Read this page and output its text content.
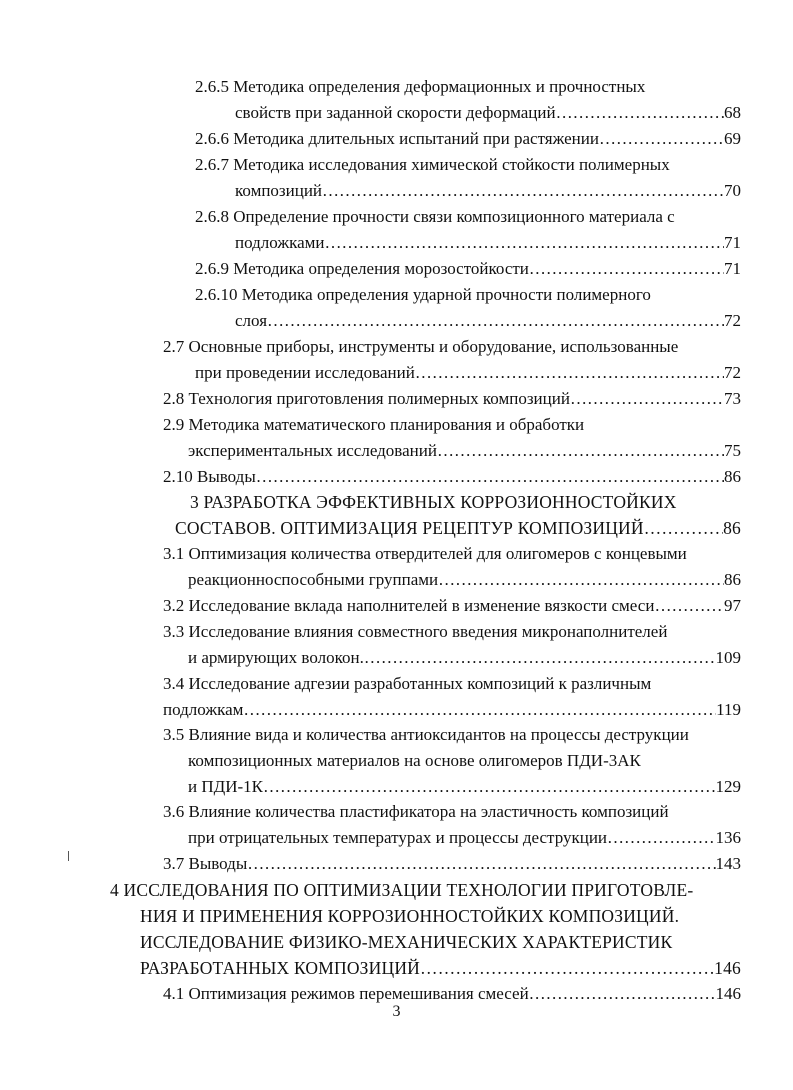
2.6.5 Методика определения деформационных и прочностных
свойств при заданной скорости деформаций ……………………………………………………………………………………………………………………………………………………………………	68
2.6.6 Методика длительных испытаний при растяжении ……………………………………………………………………………………………………………………………………………………………………	69
2.6.7 Методика исследования химической стойкости полимерных
композиций ……………………………………………………………………………………………………………………………………………………………………	70
2.6.8 Определение прочности связи композиционного материала с
подложками ……………………………………………………………………………………………………………………………………………………………………	71
2.6.9 Методика определения морозостойкости ……………………………………………………………………………………………………………………………………………………………………	71
2.6.10 Методика определения ударной прочности полимерного
слоя ……………………………………………………………………………………………………………………………………………………………………	72
2.7 Основные приборы, инструменты и оборудование, использованные
при проведении исследований ……………………………………………………………………………………………………………………………………………………………………	72
2.8 Технология приготовления полимерных композиций ……………………………………………………………………………………………………………………………………………………………………	73
2.9 Методика математического планирования и обработки
экспериментальных исследований ……………………………………………………………………………………………………………………………………………………………………	75
2.10 Выводы ……………………………………………………………………………………………………………………………………………………………………	86
3 РАЗРАБОТКА ЭФФЕКТИВНЫХ КОРРОЗИОННОСТОЙКИХ
СОСТАВОВ. ОПТИМИЗАЦИЯ РЕЦЕПТУР КОМПОЗИЦИЙ ……………………………………………………………………………………………………………………………………………………………………	86
3.1 Оптимизация количества отвердителей для олигомеров с концевыми
реакционноспособными группами ……………………………………………………………………………………………………………………………………………………………………	86
3.2 Исследование вклада наполнителей в изменение вязкости смеси ……………………………………………………………………………………………………………………………………………………………………	97
3.3 Исследование влияния совместного введения микронаполнителей
и армирующих волокон. ……………………………………………………………………………………………………………………………………………………………………	109
3.4 Исследование адгезии разработанных композиций к различным
подложкам ……………………………………………………………………………………………………………………………………………………………………	119
3.5 Влияние вида и количества антиоксидантов на процессы деструкции
композиционных материалов на основе олигомеров ПДИ-3АК
и ПДИ-1К ……………………………………………………………………………………………………………………………………………………………………	129
3.6 Влияние количества пластификатора на эластичность композиций
при отрицательных температурах и процессы деструкции ……………………………………………………………………………………………………………………………………………………………………	136
3.7 Выводы ……………………………………………………………………………………………………………………………………………………………………	143
4 ИССЛЕДОВАНИЯ ПО ОПТИМИЗАЦИИ ТЕХНОЛОГИИ ПРИГОТОВЛЕ-
НИЯ И ПРИМЕНЕНИЯ КОРРОЗИОННОСТОЙКИХ КОМПОЗИЦИЙ.
ИССЛЕДОВАНИЕ ФИЗИКО-МЕХАНИЧЕСКИХ ХАРАКТЕРИСТИК
РАЗРАБОТАННЫХ КОМПОЗИЦИЙ ……………………………………………………………………………………………………………………………………………………………………	146
4.1 Оптимизация режимов перемешивания смесей ……………………………………………………………………………………………………………………………………………………………………	146
3
